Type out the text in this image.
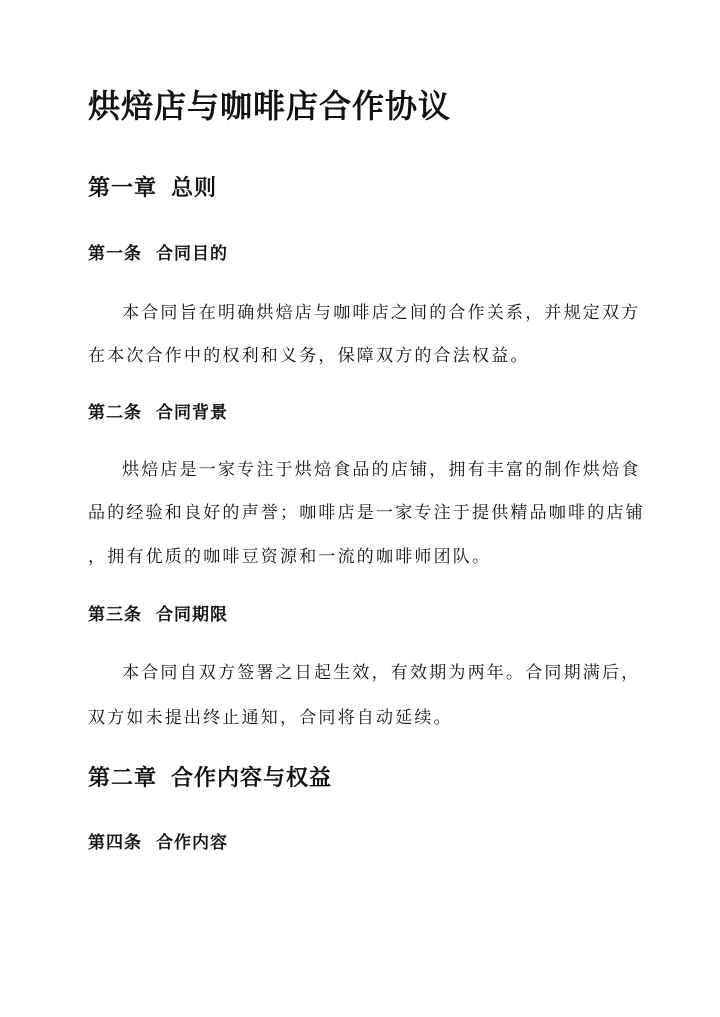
烘焙店与咖啡店合作协议
第一章 总则
第一条 合同目的

本合同旨在明确烘焙店与咖啡店之间的合作关系，并规定双方

在本次合作中的权利和义务，保障双方的合法权益。

第二条 合同背景

烘焙店是一家专注于烘焙食品的店铺，拥有丰富的制作烘焙食

品的经验和良好的声誉；咖啡店是一家专注于提供精品咖啡的店铺

，拥有优质的咖啡豆资源和一流的咖啡师团队。

第三条 合同期限

本合同自双方签署之日起生效，有效期为两年。合同期满后，

双方如未提出终止通知，合同将自动延续。

第二章 合作内容与权益
第四条 合作内容
